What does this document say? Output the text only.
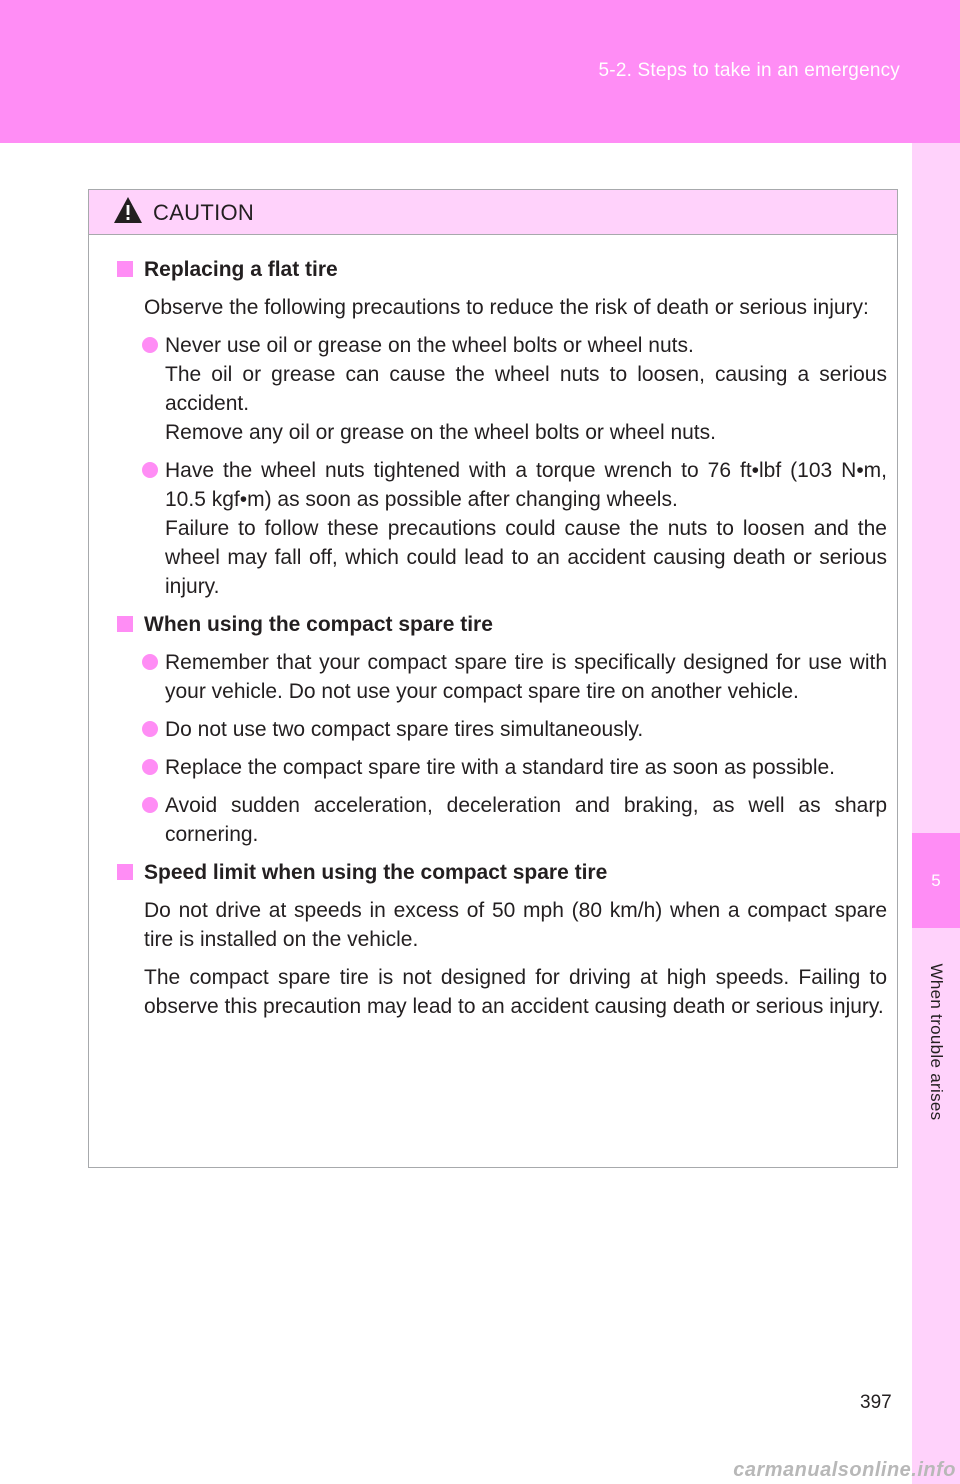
5-2. Steps to take in an emergency
5
When trouble arises
CAUTION
Replacing a flat tire

Observe the following precautions to reduce the risk of death or serious injury:

Never use oil or grease on the wheel bolts or wheel nuts.

The oil or grease can cause the wheel nuts to loosen, causing a serious accident.

Remove any oil or grease on the wheel bolts or wheel nuts.

Have the wheel nuts tightened with a torque wrench to 76 ft•lbf (103 N•m, 10.5 kgf•m) as soon as possible after changing wheels.

Failure to follow these precautions could cause the nuts to loosen and the wheel may fall off, which could lead to an accident causing death or serious injury.

When using the compact spare tire

Remember that your compact spare tire is specifically designed for use with your vehicle. Do not use your compact spare tire on another vehicle.

Do not use two compact spare tires simultaneously.

Replace the compact spare tire with a standard tire as soon as possible.

Avoid sudden acceleration, deceleration and braking, as well as sharp cornering.

Speed limit when using the compact spare tire

Do not drive at speeds in excess of 50 mph (80 km/h) when a compact spare tire is installed on the vehicle.

The compact spare tire is not designed for driving at high speeds. Failing to observe this precaution may lead to an accident causing death or serious injury.

397
carmanualsonline.info
